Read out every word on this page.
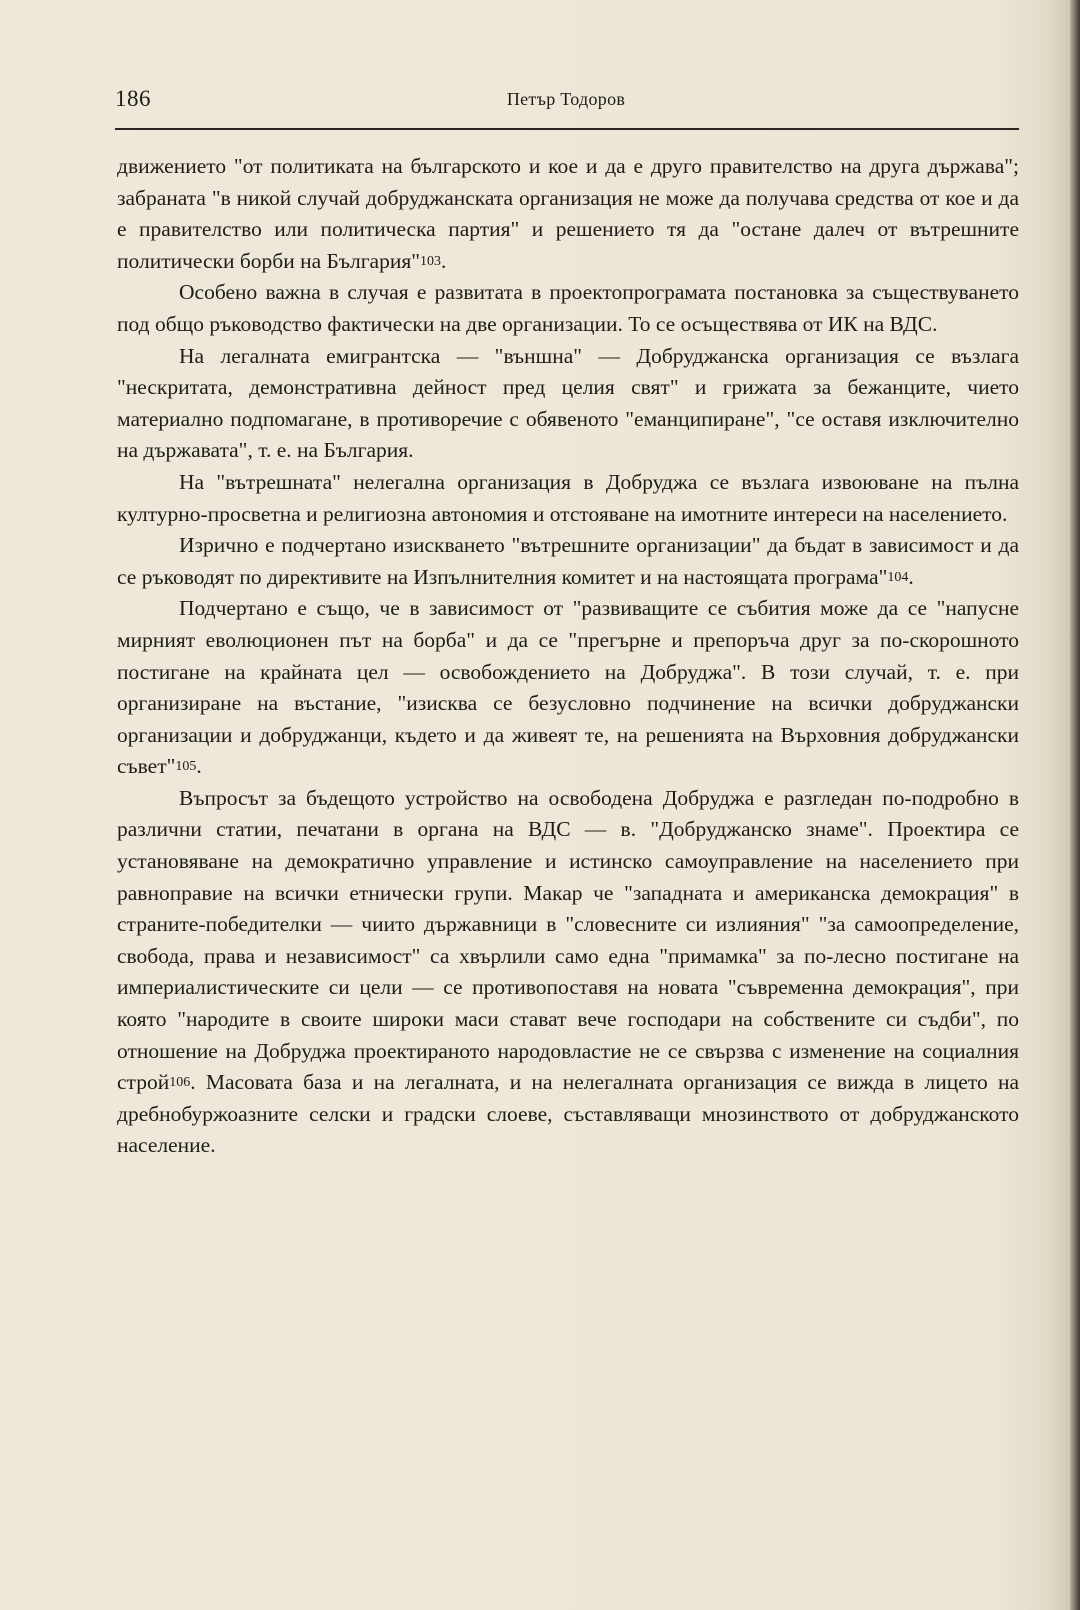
186	Петър Тодоров

движението "от политиката на българското и кое и да е друго правителство на друга държава"; забраната "в никой случай добруджанската организация не може да получава средства от кое и да е правителство или политическа партия" и решението тя да "остане далеч от вътрешните политически борби на България"$^{103}$.

Особено важна в случая е развитата в проектопрограмата постановка за съществуването под общо ръководство фактически на две организации. То се осъществява от ИК на ВДС.

На легалната емигрантска — "външна" — Добруджанска организация се възлага "нескритата, демонстративна дейност пред целия свят" и грижата за бежанците, чието материално подпомагане, в противоречие с обявеното "еманципиране", "се оставя изключително на държавата", т. е. на България.

На "вътрешната" нелегална организация в Добруджа се възлага извоюване на пълна културно-просветна и религиозна автономия и отстояване на имотните интереси на населението.

Изрично е подчертано изискването "вътрешните организации" да бъдат в зависимост и да се ръководят по директивите на Изпълнителния комитет и на настоящата програма"$^{104}$.

Подчертано е също, че в зависимост от "развиващите се събития може да се "напусне мирният еволюционен път на борба" и да се "прегърне и препоръча друг за по-скорошното постигане на крайната цел — освобождението на Добруджа". В този случай, т. е. при организиране на въстание, "изисква се безусловно подчинение на всички добруджански организации и добруджанци, където и да живеят те, на решенията на Върховния добруджански съвет"$^{105}$.

Въпросът за бъдещото устройство на освободена Добруджа е разгледан по-подробно в различни статии, печатани в органа на ВДС — в. "Добруджанско знаме". Проектира се установяване на демократично управление и истинско самоуправление на населението при равноправие на всички етнически групи. Макар че "западната и американска демокрация" в страните-победителки — чиито държавници в "словесните си излияния" "за самоопределение, свобода, права и независимост" са хвърлили само една "примамка" за по-лесно постигане на империалистическите си цели — се противопоставя на новата "съвременна демокрация", при която "народите в своите широки маси стават вече господари на собствените си съдби", по отношение на Добруджа проектираното народовластие не се свързва с изменение на социалния строй$^{106}$. Масовата база и на легалната, и на нелегалната организация се вижда в лицето на дребнобуржоазните селски и градски слоеве, съставляващи мнозинството от добруджанското население.
